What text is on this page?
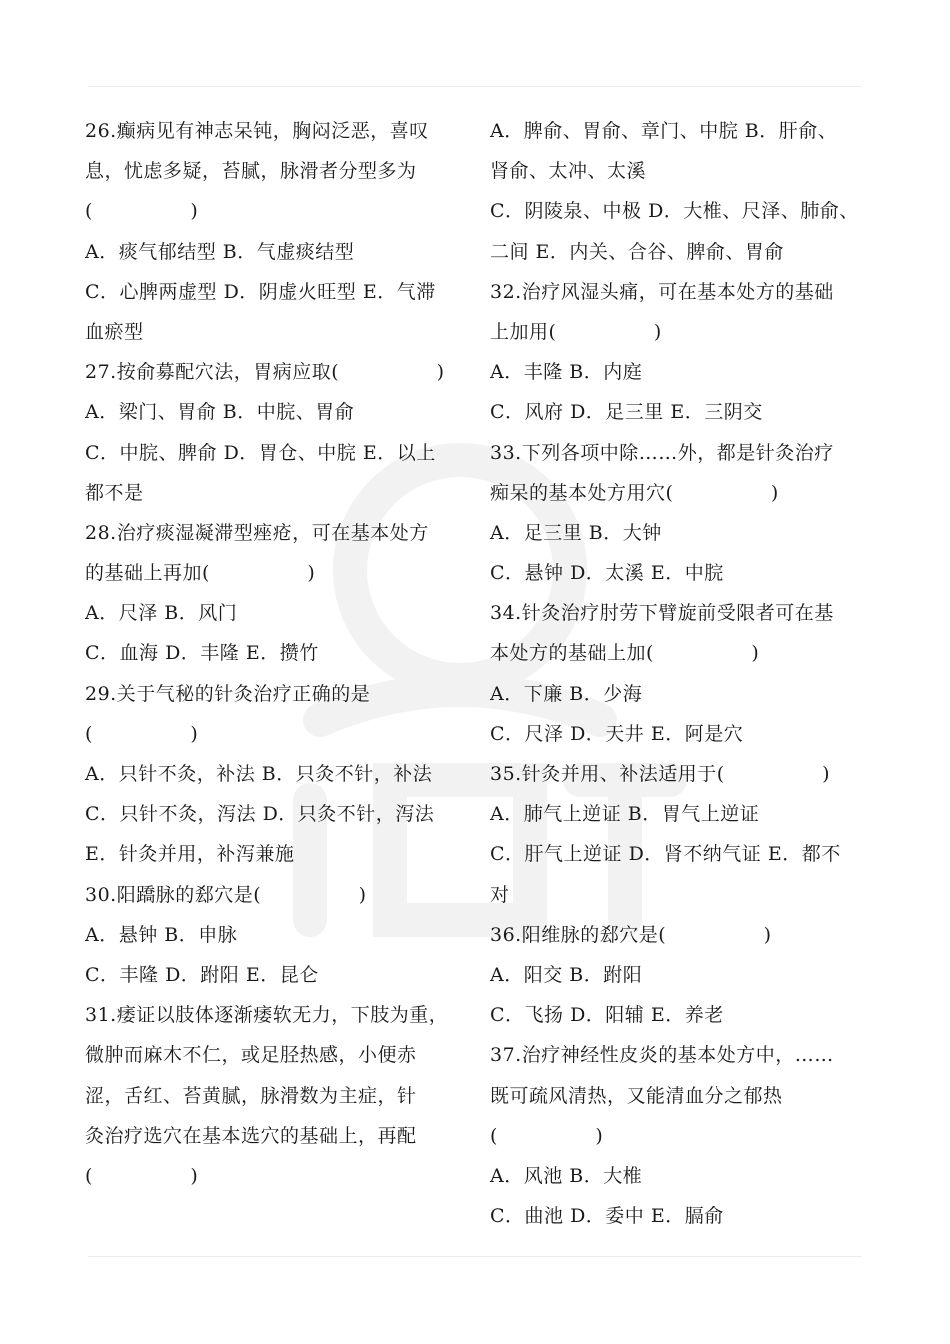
26.癫病见有神志呆钝，胸闷泛恶，喜叹
息，忧虑多疑，苔腻，脉滑者分型多为
(　　　　　)
A．痰气郁结型 B．气虚痰结型
C．心脾两虚型 D．阴虚火旺型 E．气滞
血瘀型
27.按俞募配穴法，胃病应取(　　　　　)
A．梁门、胃俞 B．中脘、胃俞
C．中脘、脾俞 D．胃仓、中脘 E．以上
都不是
28.治疗痰湿凝滞型痤疮，可在基本处方
的基础上再加(　　　　　)
A．尺泽 B．风门
C．血海 D．丰隆 E．攒竹
29.关于气秘的针灸治疗正确的是
(　　　　　)
A．只针不灸，补法 B．只灸不针，补法
C．只针不灸，泻法 D．只灸不针，泻法
E．针灸并用，补泻兼施
30.阳蹻脉的郄穴是(　　　　　)
A．悬钟 B．申脉
C．丰隆 D．跗阳 E．昆仑
31.痿证以肢体逐渐痿软无力，下肢为重，
微肿而麻木不仁，或足胫热感，小便赤
涩，舌红、苔黄腻，脉滑数为主症，针
灸治疗选穴在基本选穴的基础上，再配
(　　　　　)
A．脾俞、胃俞、章门、中脘 B．肝俞、
肾俞、太冲、太溪
C．阴陵泉、中极 D．大椎、尺泽、肺俞、
二间 E．内关、合谷、脾俞、胃俞
32.治疗风湿头痛，可在基本处方的基础
上加用(　　　　　)
A．丰隆 B．内庭
C．风府 D．足三里 E．三阴交
33.下列各项中除……外，都是针灸治疗
痴呆的基本处方用穴(　　　　　)
A．足三里 B．大钟
C．悬钟 D．太溪 E．中脘
34.针灸治疗肘劳下臂旋前受限者可在基
本处方的基础上加(　　　　　)
A．下廉 B．少海
C．尺泽 D．天井 E．阿是穴
35.针灸并用、补法适用于(　　　　　)
A．肺气上逆证 B．胃气上逆证
C．肝气上逆证 D．肾不纳气证 E．都不
对
36.阳维脉的郄穴是(　　　　　)
A．阳交 B．跗阳
C．飞扬 D．阳辅 E．养老
37.治疗神经性皮炎的基本处方中，……
既可疏风清热，又能清血分之郁热
(　　　　　)
A．风池 B．大椎
C．曲池 D．委中 E．膈俞
